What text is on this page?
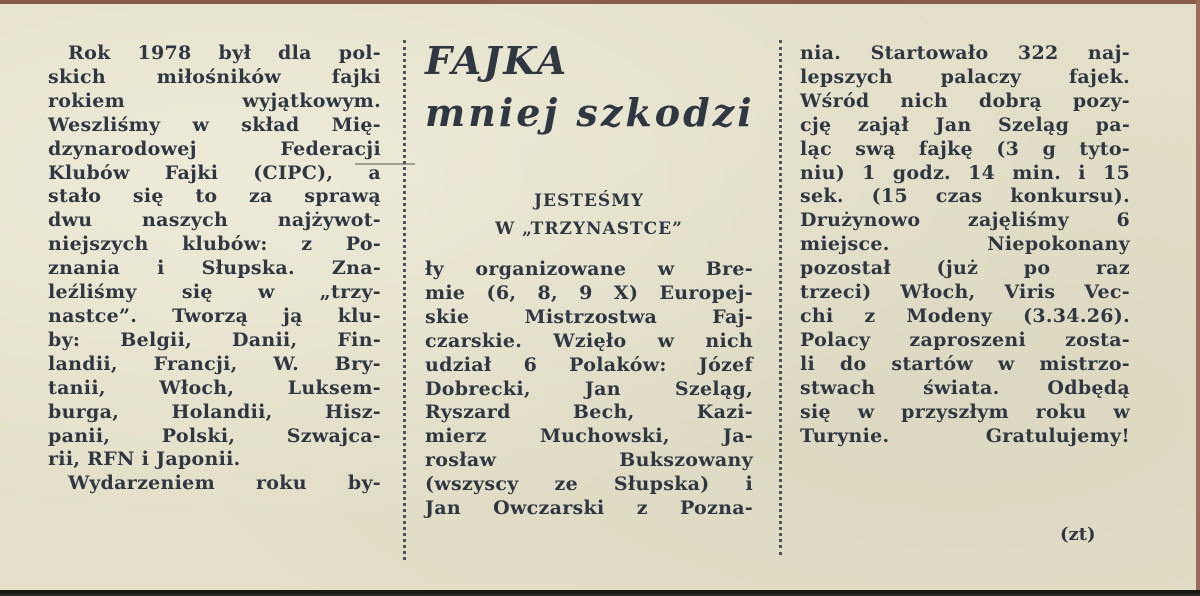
Rok 1978 był dla pol-
skich miłośników fajki
rokiem wyjątkowym.
Weszliśmy w skład Mię-
dzynarodowej Federacji
Klubów Fajki (CIPC), a
stało się to za sprawą
dwu naszych najżywot-
niejszych klubów: z Po-
znania i Słupska. Zna-
leźliśmy się w „trzy-
nastce”. Tworzą ją klu-
by: Belgii, Danii, Fin-
landii, Francji, W. Bry-
tanii, Włoch, Luksem-
burga, Holandii, Hisz-
panii, Polski, Szwajca-
rii, RFN i Japonii.
Wydarzeniem roku by-
FAJKA
mniej szkodzi
JESTEŚMY
W „TRZYNASTCE”
ły organizowane w Bre-
mie (6, 8, 9 X) Europej-
skie Mistrzostwa Faj-
czarskie. Wzięło w nich
udział 6 Polaków: Józef
Dobrecki, Jan Szeląg,
Ryszard Bech, Kazi-
mierz Muchowski, Ja-
rosław Bukszowany
(wszyscy ze Słupska) i
Jan Owczarski z Pozna-
nia. Startowało 322 naj-
lepszych palaczy fajek.
Wśród nich dobrą pozy-
cję zajął Jan Szeląg pa-
ląc swą fajkę (3 g tyto-
niu) 1 godz. 14 min. i 15
sek. (15 czas konkursu).
Drużynowo zajęliśmy 6
miejsce. Niepokonany
pozostał (już po raz
trzeci) Włoch, Viris Vec-
chi z Modeny (3.34.26).
Polacy zaproszeni zosta-
li do startów w mistrzo-
stwach świata. Odbędą
się w przyszłym roku w
Turynie. Gratulujemy!
(zt)
